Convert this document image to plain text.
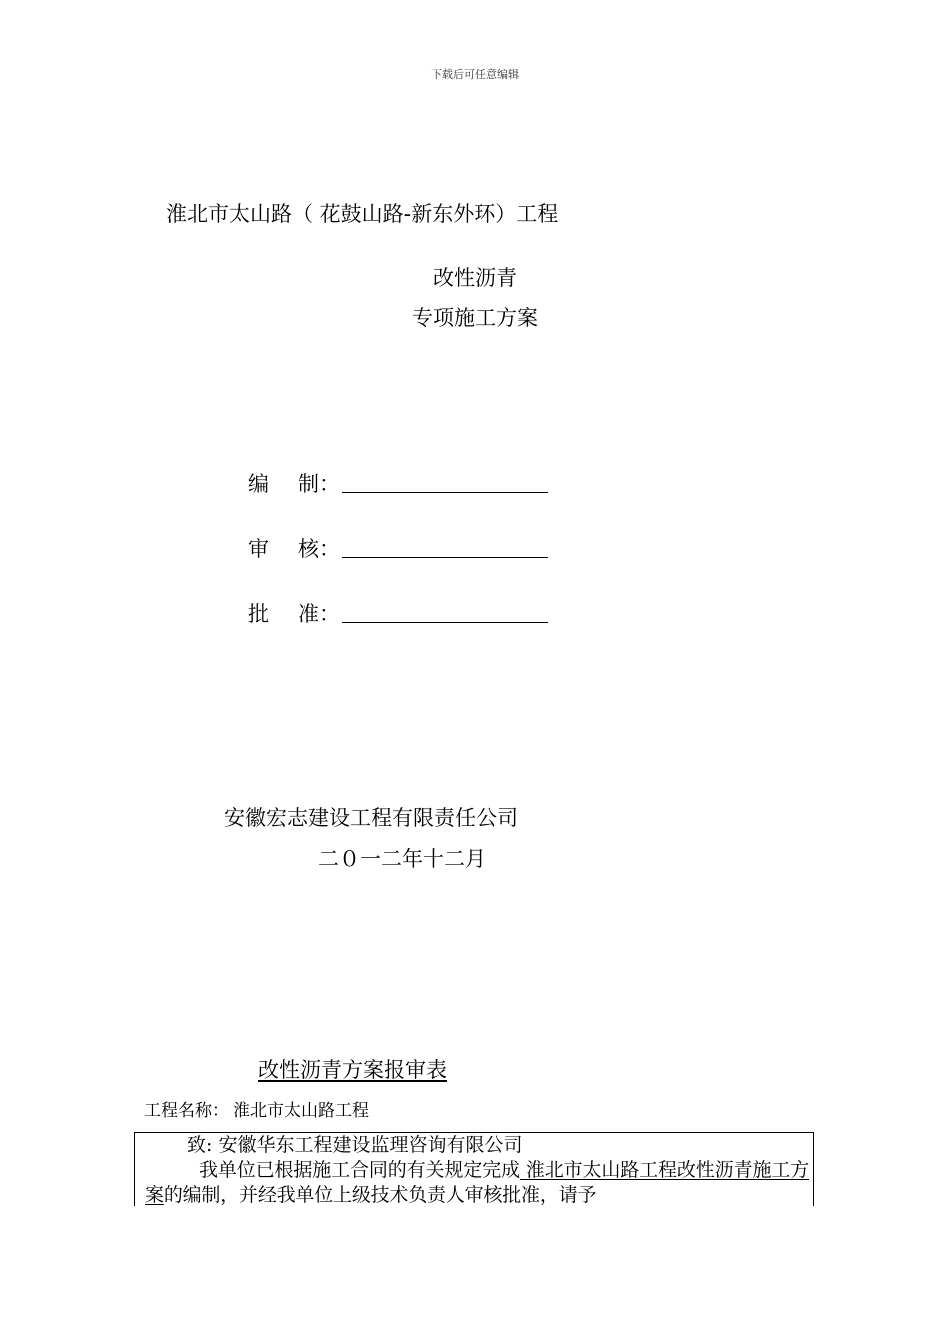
下载后可任意编辑
淮北市太山路（ 花鼓山路-新东外环）工程
改性沥青
专项施工方案
编 制：
审 核：
批 准：
安徽宏志建设工程有限责任公司
二０一二年十二月
改性沥青方案报审表
工程名称： 淮北市太山路工程
致: 安徽华东工程建设监理咨询有限公司
我单位已根据施工合同的有关规定完成 淮北市太山路工程改性沥青施工方案的编制，并经我单位上级技术负责人审核批准，请予
